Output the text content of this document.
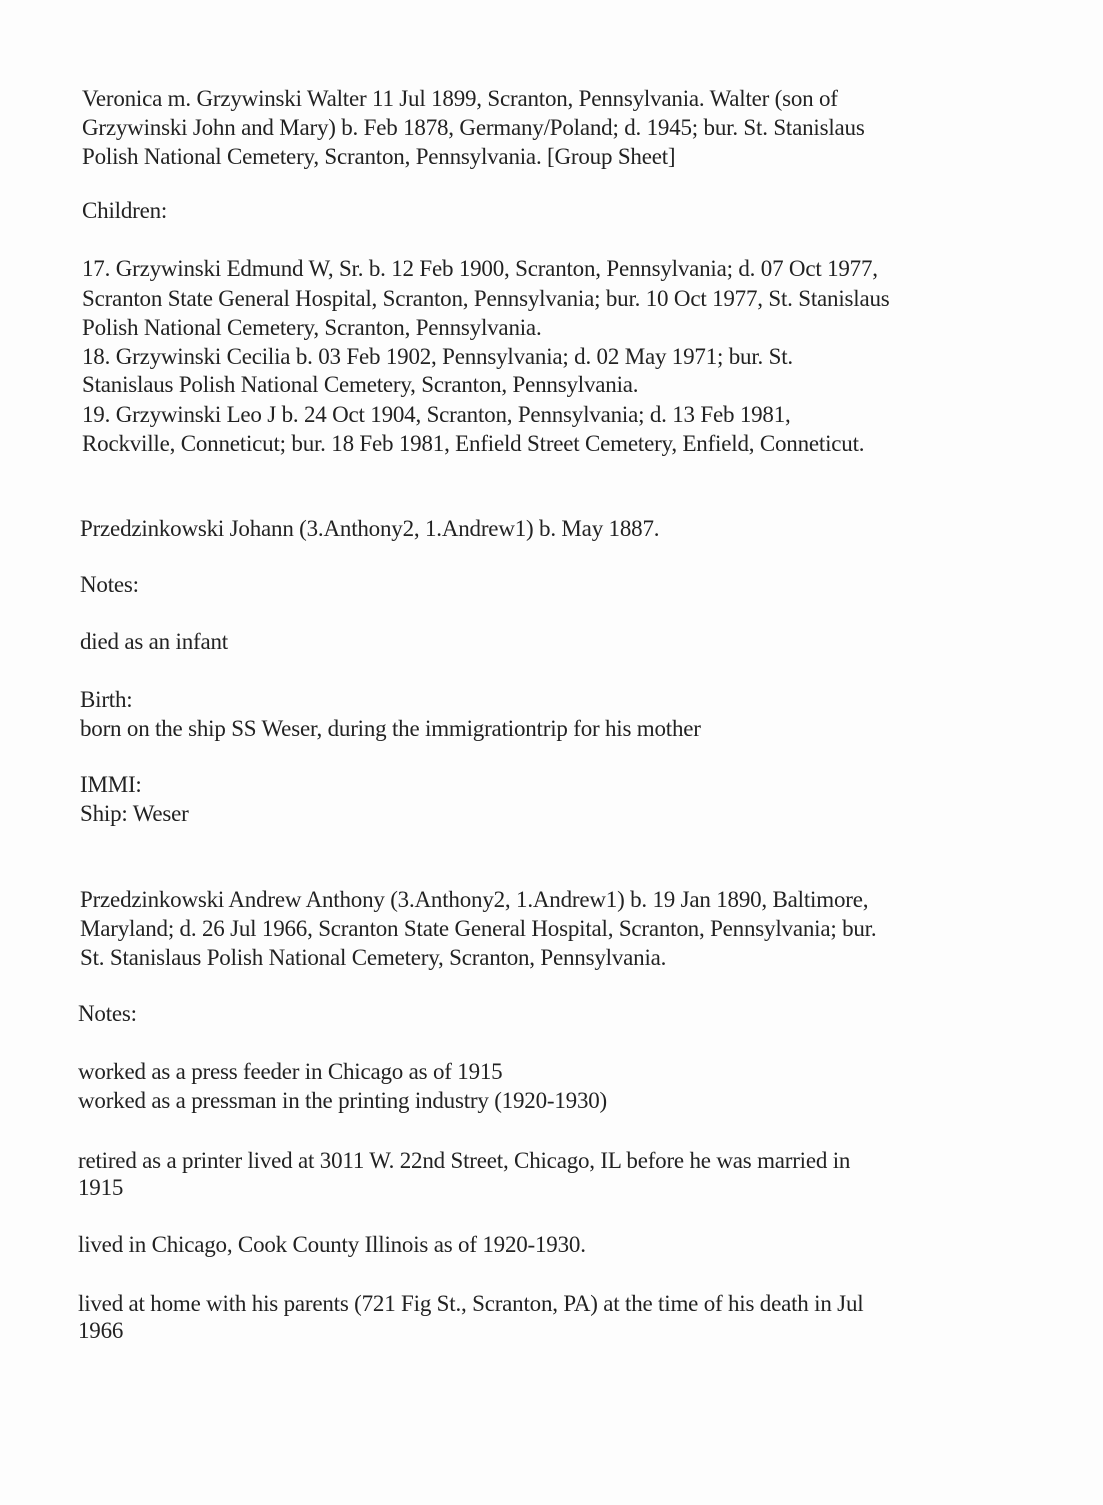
Veronica m. Grzywinski Walter 11 Jul 1899, Scranton, Pennsylvania. Walter (son of
Grzywinski John and Mary) b. Feb 1878, Germany/Poland; d. 1945; bur. St. Stanislaus
Polish National Cemetery, Scranton, Pennsylvania. [Group Sheet]
Children:
17. Grzywinski Edmund W, Sr. b. 12 Feb 1900, Scranton, Pennsylvania; d. 07 Oct 1977,
Scranton State General Hospital, Scranton, Pennsylvania; bur. 10 Oct 1977, St. Stanislaus
Polish National Cemetery, Scranton, Pennsylvania.
18. Grzywinski Cecilia b. 03 Feb 1902, Pennsylvania; d. 02 May 1971; bur. St.
Stanislaus Polish National Cemetery, Scranton, Pennsylvania.
19. Grzywinski Leo J b. 24 Oct 1904, Scranton, Pennsylvania; d. 13 Feb 1981,
Rockville, Conneticut; bur. 18 Feb 1981, Enfield Street Cemetery, Enfield, Conneticut.
Przedzinkowski Johann (3.Anthony2, 1.Andrew1) b. May 1887.
Notes:
died as an infant
Birth:
born on the ship SS Weser, during the immigrationtrip for his mother
IMMI:
Ship: Weser
Przedzinkowski Andrew Anthony (3.Anthony2, 1.Andrew1) b. 19 Jan 1890, Baltimore,
Maryland; d. 26 Jul 1966, Scranton State General Hospital, Scranton, Pennsylvania; bur.
St. Stanislaus Polish National Cemetery, Scranton, Pennsylvania.
Notes:
worked as a press feeder in Chicago as of 1915
worked as a pressman in the printing industry (1920-1930)
retired as a printer lived at 3011 W. 22nd Street, Chicago, IL before he was married in
1915
lived in Chicago, Cook County Illinois as of 1920-1930.
lived at home with his parents (721 Fig St., Scranton, PA) at the time of his death in Jul
1966
